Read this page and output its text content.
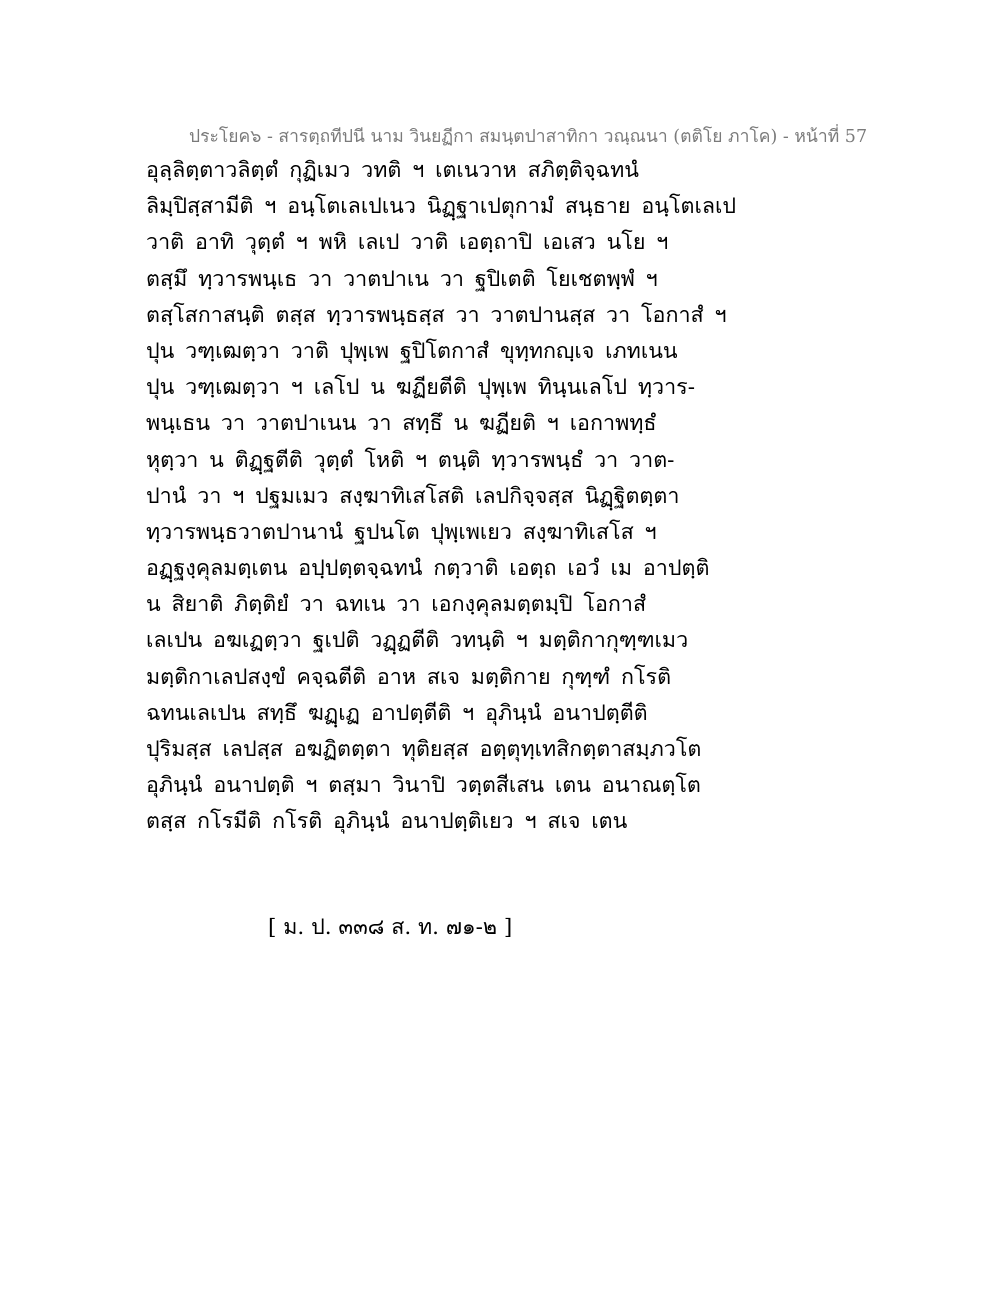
ประโยค๖ - สารตฺถทีปนี นาม วินยฏีกา สมนฺตปาสาทิกา วณฺณนา (ตติโย ภาโค) - หน้าที่ 57
อุลฺลิตฺตาวลิตฺตํ กุฏิเมว วทติ ฯ เตเนวาห สภิตฺติจฺฉทนํ
ลิมฺปิสฺสามีติ ฯ อนฺโตเลเปเนว นิฏฺฐาเปตุกามํ สนฺธาย อนฺโตเลเป
วาติ อาทิ วุตฺตํ ฯ พหิ เลเป วาติ เอตฺถาปิ เอเสว นโย ฯ
ตสฺมึ ทฺวารพนฺเธ วา วาตปาเน วา ฐปิเตติ โยเชตพฺพํ ฯ
ตสฺโสกาสนฺติ ตสฺส ทฺวารพนฺธสฺส วา วาตปานสฺส วา โอกาสํ ฯ
ปุน วฑฺเฒตฺวา วาติ ปุพฺเพ ฐปิโตกาสํ ขุทฺทกญฺเจ เภทเนน
ปุน วฑฺเฒตฺวา ฯ เลโป น ฆฏียตีติ ปุพฺเพ ทินฺนเลโป ทฺวาร-
พนฺเธน วา วาตปาเนน วา สทฺธึ น ฆฏียติ ฯ เอกาพทฺธํ
หุตฺวา น ติฏฺฐตีติ วุตฺตํ โหติ ฯ ตนฺติ ทฺวารพนฺธํ วา วาต-
ปานํ วา ฯ ปฐมเมว สงฺฆาทิเสโสติ เลปกิจฺจสฺส นิฏฺฐิตตฺตา
ทฺวารพนฺธวาตปานานํ ฐปนโต ปุพฺเพเยว สงฺฆาทิเสโส ฯ
อฏฺฐงฺคุลมตฺเตน อปฺปตฺตจฺฉทนํ กตฺวาติ เอตฺถ เอวํ เม อาปตฺติ
น สิยาติ ภิตฺติยํ วา ฉทเน วา เอกงฺคุลมตฺตมฺปิ โอกาสํ
เลเปน อฆเฏตฺวา ฐเปติ วฏฺฏตีติ วทนฺติ ฯ มตฺติกากุฑฺฑเมว
มตฺติกาเลปสงฺขํ คจฺฉตีติ อาห สเจ มตฺติกาย กุฑฺฑํ กโรติ
ฉทนเลเปน สทฺธึ ฆฏฺเฏ อาปตฺตีติ ฯ อุภินฺนํ อนาปตฺตีติ
ปุริมสฺส เลปสฺส อฆฏิตตฺตา ทุติยสฺส อตฺตุทฺเทสิกตฺตาสมฺภวโต
อุภินฺนํ อนาปตฺติ ฯ ตสฺมา วินาปิ วตฺตสีเสน เตน อนาณตฺโต
ตสฺส กโรมีติ กโรติ อุภินฺนํ อนาปตฺติเยว ฯ สเจ เตน
[ ม. ป. ๓๓๘ ส. ท. ๗๑-๒ ]
